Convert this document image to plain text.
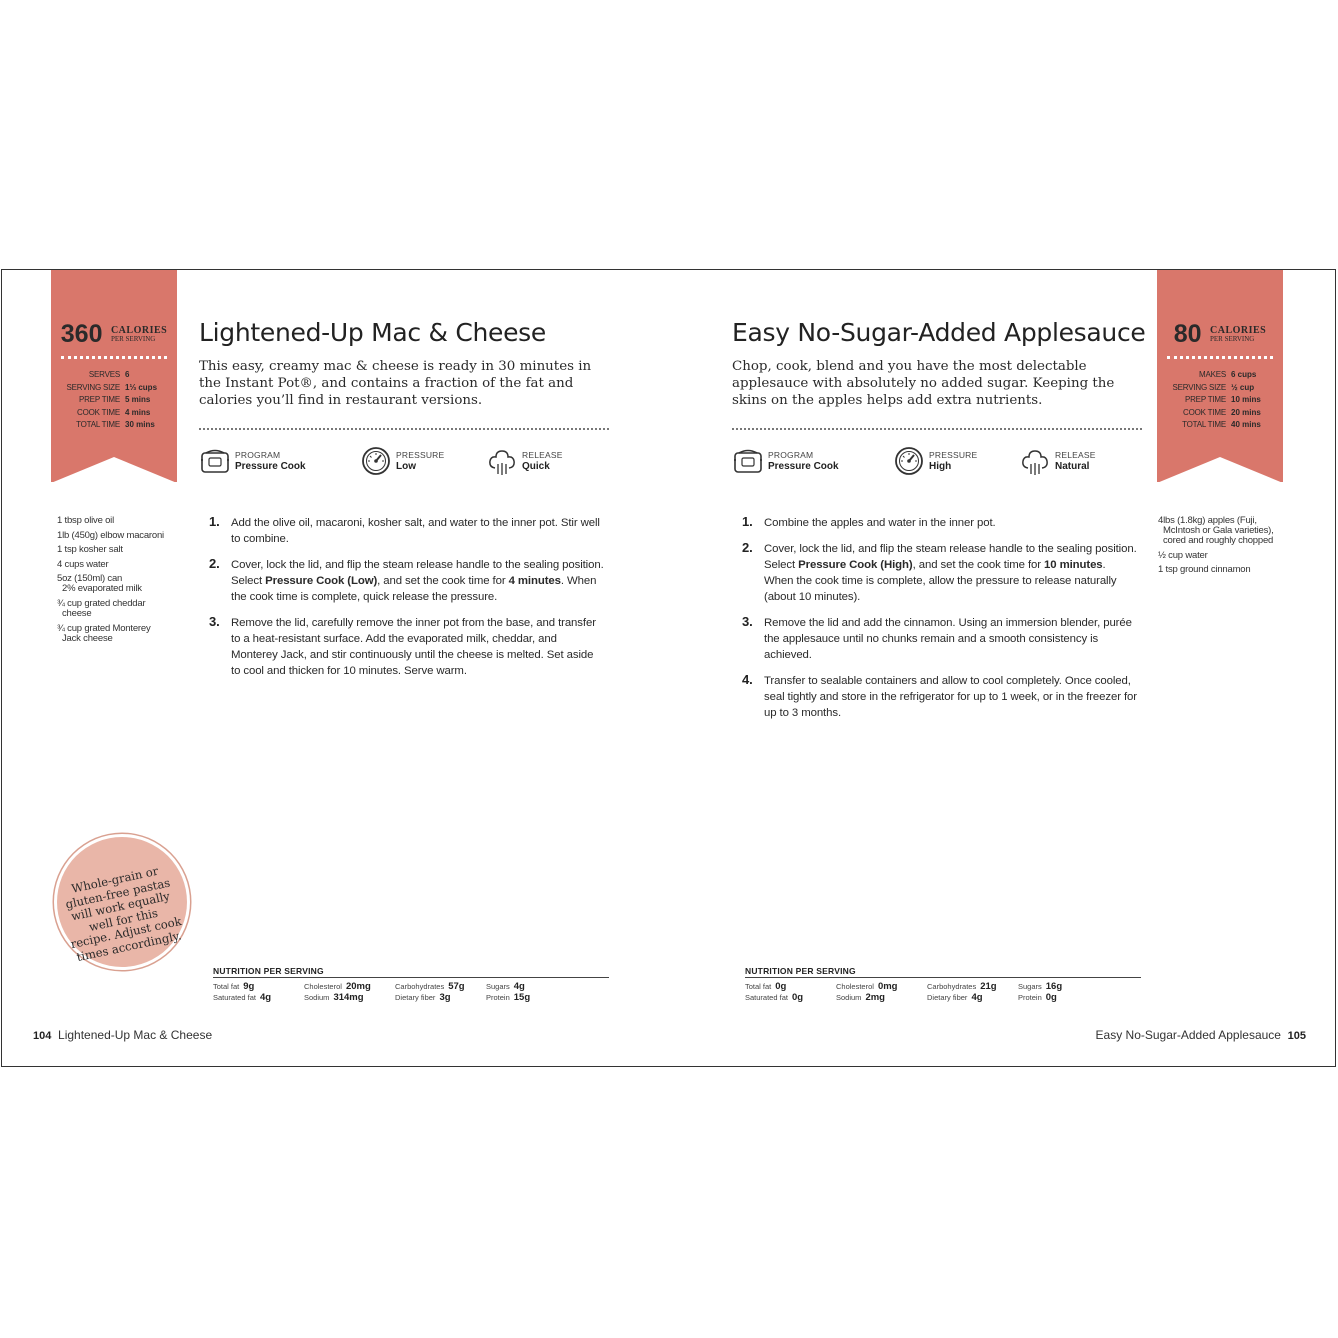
360 CALORIES
PER SERVING
SERVES 6
SERVING SIZE 1⅓ cups
PREP TIME 5 mins
COOK TIME 4 mins
TOTAL TIME 30 mins
Lightened-Up Mac & Cheese
This easy, creamy mac & cheese is ready in 30 minutes in the Instant Pot®, and contains a fraction of the fat and calories you’ll find in restaurant versions.
PROGRAM
Pressure Cook
PRESSURE
Low
RELEASE
Quick
1 tbsp olive oil
1lb (450g) elbow macaroni
1 tsp kosher salt
4 cups water
5oz (150ml) can
2% evaporated milk
¾ cup grated cheddar
cheese
¾ cup grated Monterey
Jack cheese
1. Add the olive oil, macaroni, kosher salt, and water to the inner pot. Stir well to combine.
2. Cover, lock the lid, and flip the steam release handle to the sealing position. Select Pressure Cook (Low), and set the cook time for 4 minutes. When the cook time is complete, quick release the pressure.
3. Remove the lid, carefully remove the inner pot from the base, and transfer to a heat-resistant surface. Add the evaporated milk, cheddar, and Monterey Jack, and stir continuously until the cheese is melted. Set aside to cool and thicken for 10 minutes. Serve warm.
Whole-grain or gluten-free pastas will work equally well for this recipe. Adjust cook times accordingly.
NUTRITION PER SERVING
Total fat 9g
Saturated fat 4g
Cholesterol 20mg
Sodium 314mg
Carbohydrates 57g
Dietary fiber 3g
Sugars 4g
Protein 15g
104 Lightened-Up Mac & Cheese
80 CALORIES
PER SERVING
MAKES 6 cups
SERVING SIZE ½ cup
PREP TIME 10 mins
COOK TIME 20 mins
TOTAL TIME 40 mins
Easy No-Sugar-Added Applesauce
Chop, cook, blend and you have the most delectable applesauce with absolutely no added sugar. Keeping the skins on the apples helps add extra nutrients.
PROGRAM
Pressure Cook
PRESSURE
High
RELEASE
Natural
1. Combine the apples and water in the inner pot.
2. Cover, lock the lid, and flip the steam release handle to the sealing position. Select Pressure Cook (High), and set the cook time for 10 minutes. When the cook time is complete, allow the pressure to release naturally (about 10 minutes).
3. Remove the lid and add the cinnamon. Using an immersion blender, purée the applesauce until no chunks remain and a smooth consistency is achieved.
4. Transfer to sealable containers and allow to cool completely. Once cooled, seal tightly and store in the refrigerator for up to 1 week, or in the freezer for up to 3 months.
4lbs (1.8kg) apples (Fuji,
McIntosh or Gala varieties), cored and roughly chopped
½ cup water
1 tsp ground cinnamon
NUTRITION PER SERVING
Total fat 0g
Saturated fat 0g
Cholesterol 0mg
Sodium 2mg
Carbohydrates 21g
Dietary fiber 4g
Sugars 16g
Protein 0g
Easy No-Sugar-Added Applesauce 105
